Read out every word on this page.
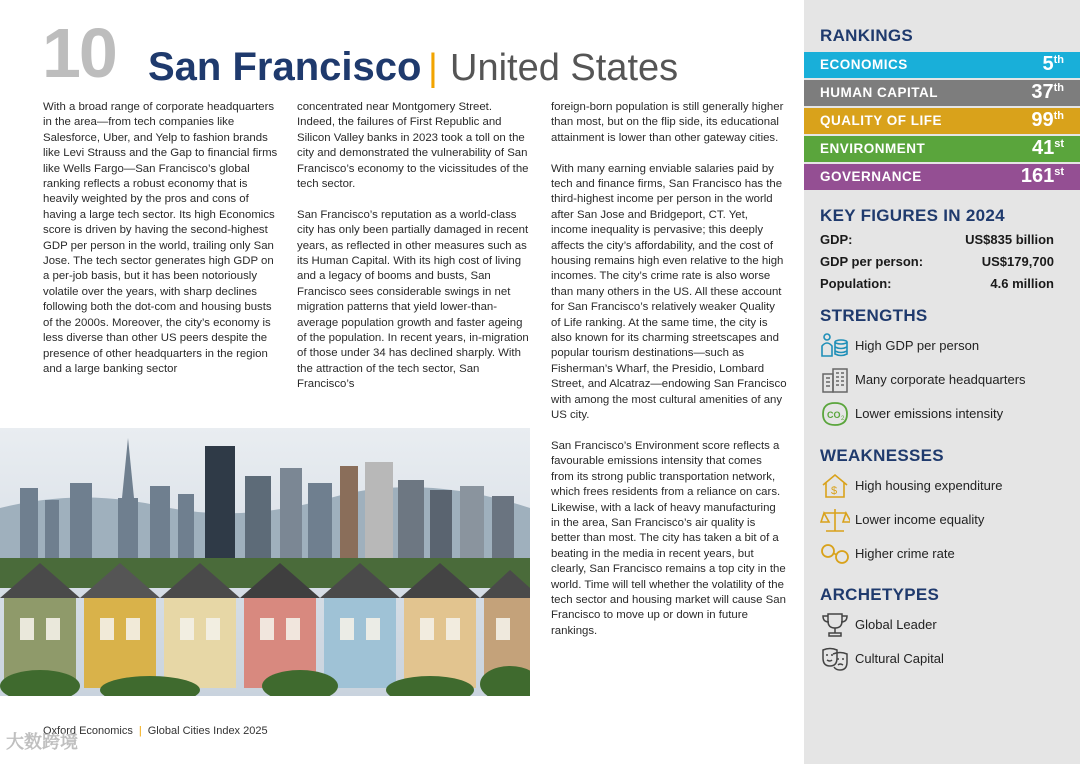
10 San Francisco | United States

With a broad range of corporate headquarters in the area—from tech companies like Salesforce, Uber, and Yelp to fashion brands like Levi Strauss and the Gap to financial firms like Wells Fargo—San Francisco’s global ranking reflects a robust economy that is heavily weighted by the pros and cons of having a large tech sector. Its high Economics score is driven by having the second-highest GDP per person in the world, trailing only San Jose. The tech sector generates high GDP on a per-job basis, but it has been notoriously volatile over the years, with sharp declines following both the dot-com and housing busts of the 2000s. Moreover, the city’s economy is less diverse than other US peers despite the presence of other headquarters in the region and a large banking sector

concentrated near Montgomery Street. Indeed, the failures of First Republic and Silicon Valley banks in 2023 took a toll on the city and demonstrated the vulnerability of San Francisco’s economy to the vicissitudes of the tech sector.

San Francisco’s reputation as a world-class city has only been partially damaged in recent years, as reflected in other measures such as its Human Capital. With its high cost of living and a legacy of booms and busts, San Francisco sees considerable swings in net migration patterns that yield lower-than-average population growth and faster ageing of the population. In recent years, in-migration of those under 34 has declined sharply. With the attraction of the tech sector, San Francisco’s

foreign-born population is still generally higher than most, but on the flip side, its educational attainment is lower than other gateway cities.

With many earning enviable salaries paid by tech and finance firms, San Francisco has the third-highest income per person in the world after San Jose and Bridgeport, CT. Yet, income inequality is pervasive; this deeply affects the city’s affordability, and the cost of housing remains high even relative to the high incomes. The city’s crime rate is also worse than many others in the US. All these account for San Francisco’s relatively weaker Quality of Life ranking. At the same time, the city is also known for its charming streetscapes and popular tourism destinations—such as Fisherman’s Wharf, the Presidio, Lombard Street, and Alcatraz—endowing San Francisco with among the most cultural amenities of any US city.

San Francisco’s Environment score reflects a favourable emissions intensity that comes from its strong public transportation network, which frees residents from a reliance on cars. Likewise, with a lack of heavy manufacturing in the area, San Francisco’s air quality is better than most. The city has taken a bit of a beating in the media in recent years, but clearly, San Francisco remains a top city in the world. Time will tell whether the volatility of the tech sector and housing market will cause San Francisco to move up or down in future rankings.

Oxford Economics | Global Cities Index 2025
大数跨境
RANKINGS
ECONOMICS	5th
HUMAN CAPITAL	37th
QUALITY OF LIFE	99th
ENVIRONMENT	41st
GOVERNANCE	161st
KEY FIGURES IN 2024
GDP:	US$835 billion
GDP per person:	US$179,700
Population:	4.6 million
STRENGTHS
High GDP per person
Many corporate headquarters
CO 2 Lower emissions intensity
WEAKNESSES
$ High housing expenditure
Lower income equality
Higher crime rate
ARCHETYPES
Global Leader
Cultural Capital
